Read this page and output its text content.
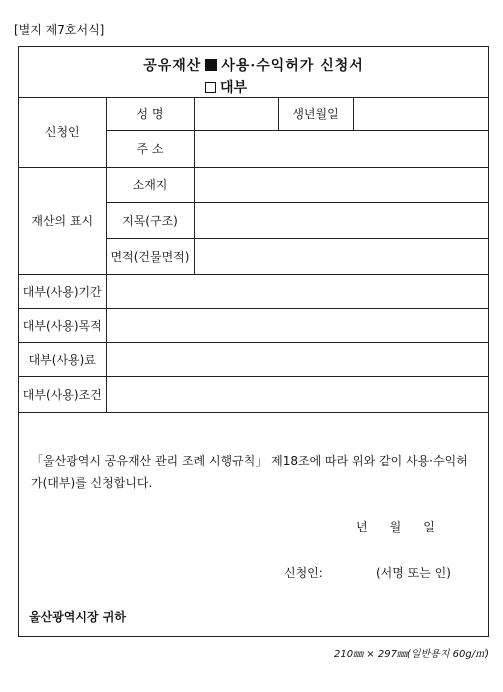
[별지 제7호서식]
공유재산 사용·수익허가 신청서
대부
신청인	성 명		생년월일	
	주 소			
재산의 표시	소재지			
	지목(구조)			
	면적(건물면적)			
대부(사용)기간				
대부(사용)목적				
대부(사용)료				
대부(사용)조건				
「울산광역시 공유재산 관리 조례 시행규칙」 제18조에 따라 위와 같이 사용·수익허가(대부)를 신청합니다.
년 월 일
신청인:	(서명 또는 인)
울산광역시장 귀하
210㎜ × 297㎜(일반용지 60g/㎡)
